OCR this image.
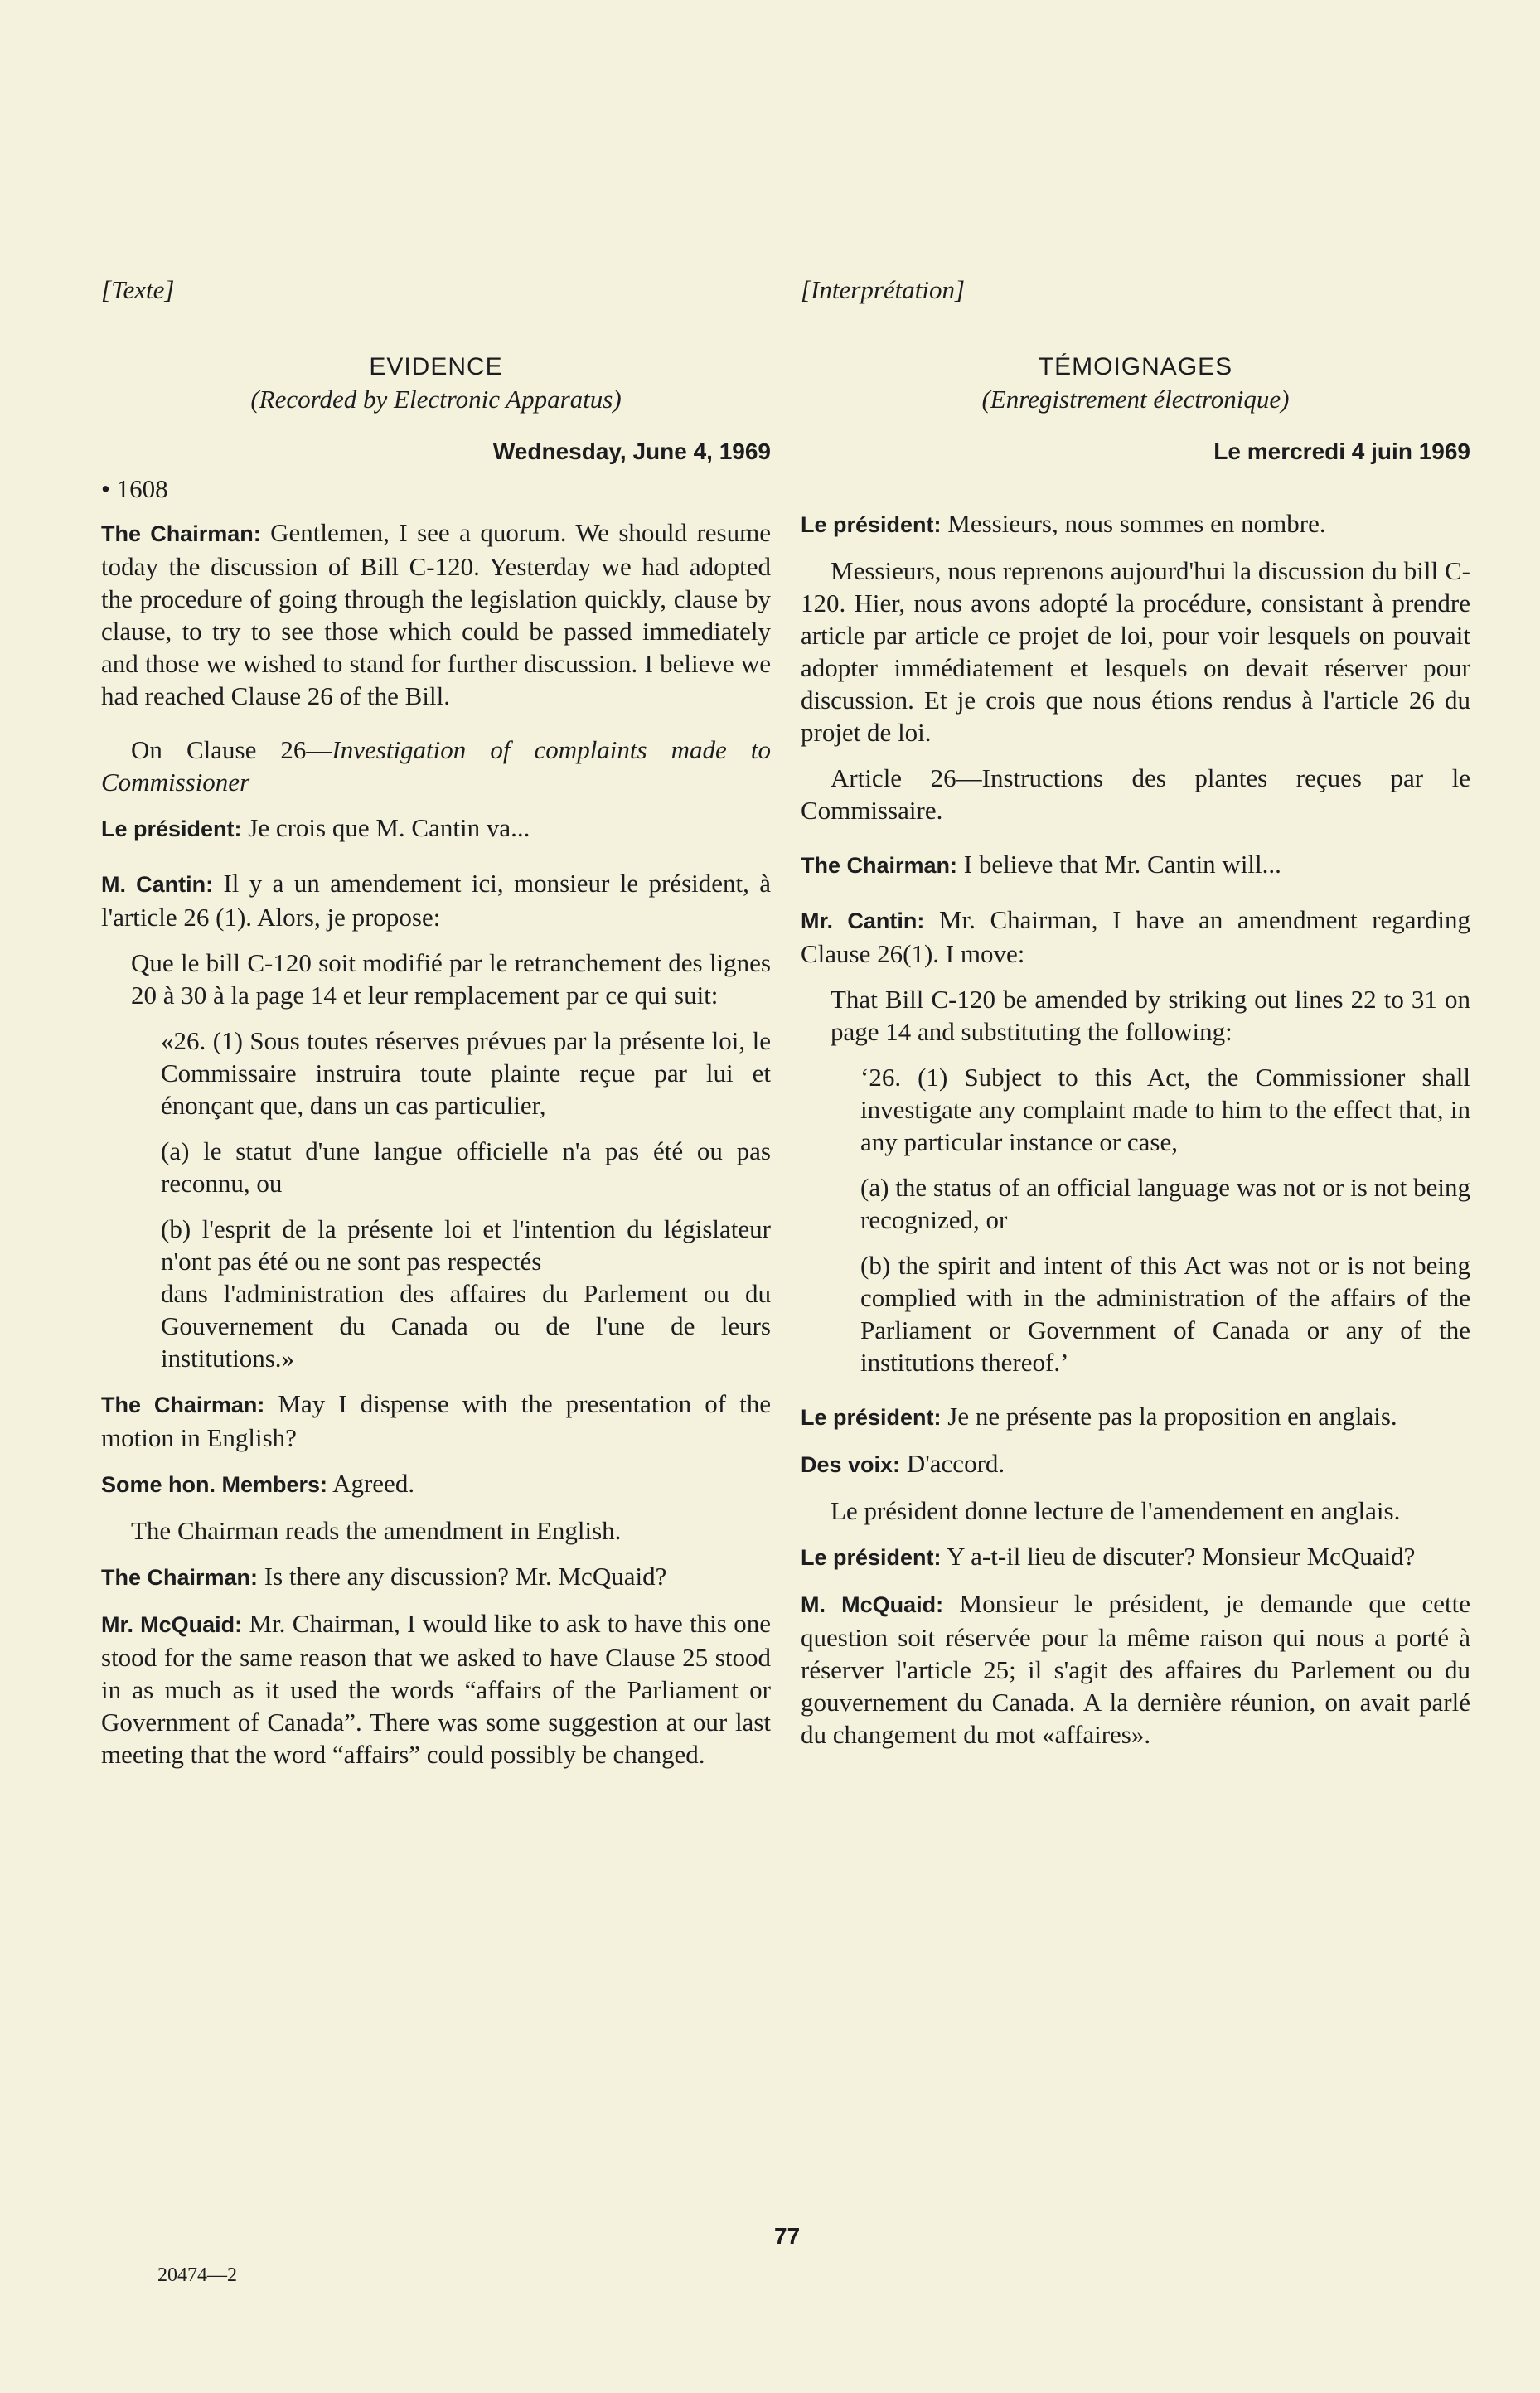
[Texte]

EVIDENCE

(Recorded by Electronic Apparatus)

Wednesday, June 4, 1969

• 1608

The Chairman: Gentlemen, I see a quorum. We should resume today the discussion of Bill C-120. Yesterday we had adopted the procedure of going through the legislation quickly, clause by clause, to try to see those which could be passed immediately and those we wished to stand for further discussion. I believe we had reached Clause 26 of the Bill.

On Clause 26—Investigation of complaints made to Commissioner

Le président: Je crois que M. Cantin va...

M. Cantin: Il y a un amendement ici, monsieur le président, à l'article 26 (1). Alors, je propose:

Que le bill C-120 soit modifié par le retranchement des lignes 20 à 30 à la page 14 et leur remplacement par ce qui suit:

«26. (1) Sous toutes réserves prévues par la présente loi, le Commissaire instruira toute plainte reçue par lui et énonçant que, dans un cas particulier,

(a) le statut d'une langue officielle n'a pas été ou pas reconnu, ou

(b) l'esprit de la présente loi et l'intention du législateur n'ont pas été ou ne sont pas respectés

dans l'administration des affaires du Parlement ou du Gouvernement du Canada ou de l'une de leurs institutions.»

The Chairman: May I dispense with the presentation of the motion in English?

Some hon. Members: Agreed.

The Chairman reads the amendment in English.

The Chairman: Is there any discussion? Mr. McQuaid?

Mr. McQuaid: Mr. Chairman, I would like to ask to have this one stood for the same reason that we asked to have Clause 25 stood in as much as it used the words “affairs of the Parliament or Government of Canada”. There was some suggestion at our last meeting that the word “affairs” could possibly be changed.

[Interprétation]

TÉMOIGNAGES

(Enregistrement électronique)

Le mercredi 4 juin 1969

Le président: Messieurs, nous sommes en nombre.

Messieurs, nous reprenons aujourd'hui la discussion du bill C-120. Hier, nous avons adopté la procédure, consistant à prendre article par article ce projet de loi, pour voir lesquels on pouvait adopter immédiatement et lesquels on devait réserver pour discussion. Et je crois que nous étions rendus à l'article 26 du projet de loi.

Article 26—Instructions des plantes reçues par le Commissaire.

The Chairman: I believe that Mr. Cantin will...

Mr. Cantin: Mr. Chairman, I have an amendment regarding Clause 26(1). I move:

That Bill C-120 be amended by striking out lines 22 to 31 on page 14 and substituting the following:

‘26. (1) Subject to this Act, the Commissioner shall investigate any complaint made to him to the effect that, in any particular instance or case,

(a) the status of an official language was not or is not being recognized, or

(b) the spirit and intent of this Act was not or is not being complied with in the administration of the affairs of the Parliament or Government of Canada or any of the institutions thereof.’

Le président: Je ne présente pas la proposition en anglais.

Des voix: D'accord.

Le président donne lecture de l'amendement en anglais.

Le président: Y a-t-il lieu de discuter? Monsieur McQuaid?

M. McQuaid: Monsieur le président, je demande que cette question soit réservée pour la même raison qui nous a porté à réserver l'article 25; il s'agit des affaires du Parlement ou du gouvernement du Canada. A la dernière réunion, on avait parlé du changement du mot «affaires».

77
20474—2
